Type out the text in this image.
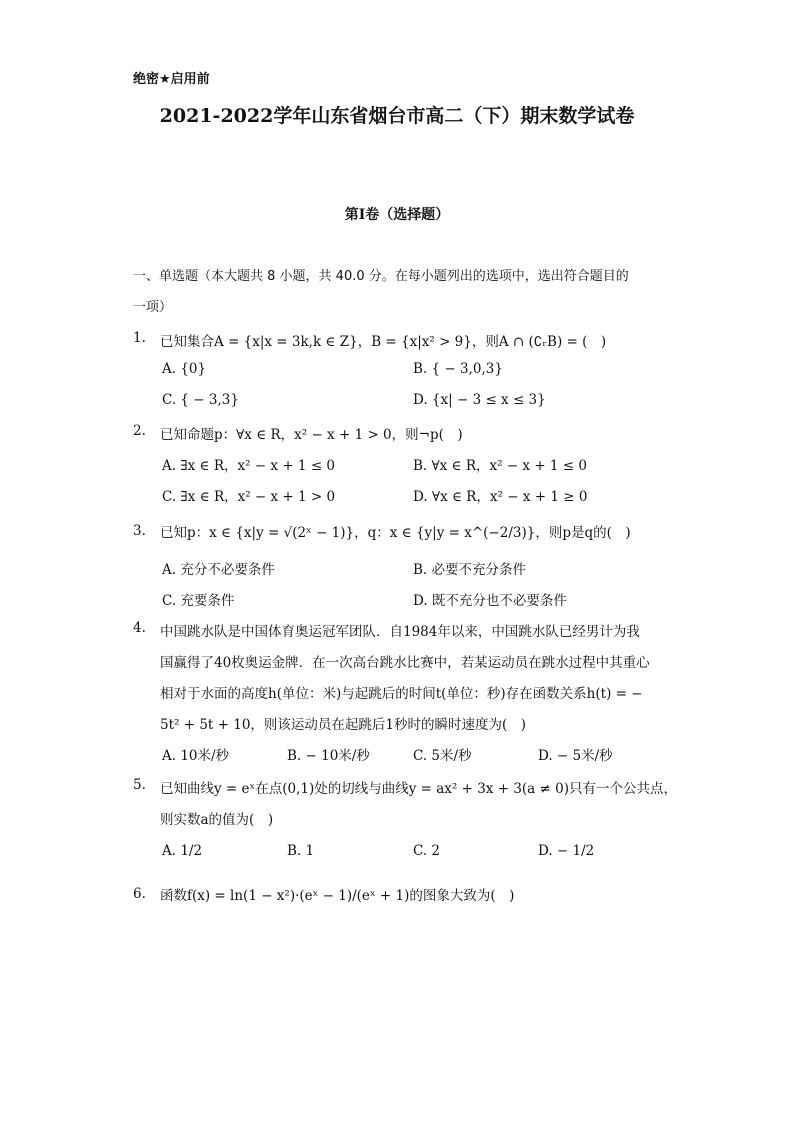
绝密★启用前
2021-2022学年山东省烟台市高二（下）期末数学试卷
第I卷（选择题）
一、单选题（本大题共 8 小题，共 40.0 分。在每小题列出的选项中，选出符合题目的
一项）
1. 已知集合A = {x|x = 3k,k ∈ Z}，B = {x|x² > 9}，则A ∩ (∁ᵣB) = (　)
A. {0}	B. { − 3,0,3}
C. { − 3,3}	D. {x| − 3 ≤ x ≤ 3}
2. 已知命题p：∀x ∈ R，x² − x + 1 > 0，则¬p(　)
A. ∃x ∈ R，x² − x + 1 ≤ 0	B. ∀x ∈ R，x² − x + 1 ≤ 0
C. ∃x ∈ R，x² − x + 1 > 0	D. ∀x ∈ R，x² − x + 1 ≥ 0
3. 已知p：x ∈ {x|y = √(2ˣ − 1)}，q：x ∈ {y|y = x^(−2/3)}，则p是q的(　)
A. 充分不必要条件	B. 必要不充分条件
C. 充要条件	D. 既不充分也不必要条件
4. 中国跳水队是中国体育奥运冠军团队．自1984年以来，中国跳水队已经男计为我
国赢得了40枚奥运金牌．在一次高台跳水比赛中，若某运动员在跳水过程中其重心
相对于水面的高度h(单位：米)与起跳后的时间t(单位：秒)存在函数关系h(t) = −
5t² + 5t + 10，则该运动员在起跳后1秒时的瞬时速度为(　)
A. 10米/秒	B. − 10米/秒	C. 5米/秒	D. − 5米/秒
5. 已知曲线y = eˣ在点(0,1)处的切线与曲线y = ax² + 3x + 3(a ≠ 0)只有一个公共点，
则实数a的值为(　)
A. 1/2	B. 1	C. 2	D. − 1/2
6. 函数f(x) = ln(1 − x²)·(eˣ − 1)/(eˣ + 1)的图象大致为(　)
